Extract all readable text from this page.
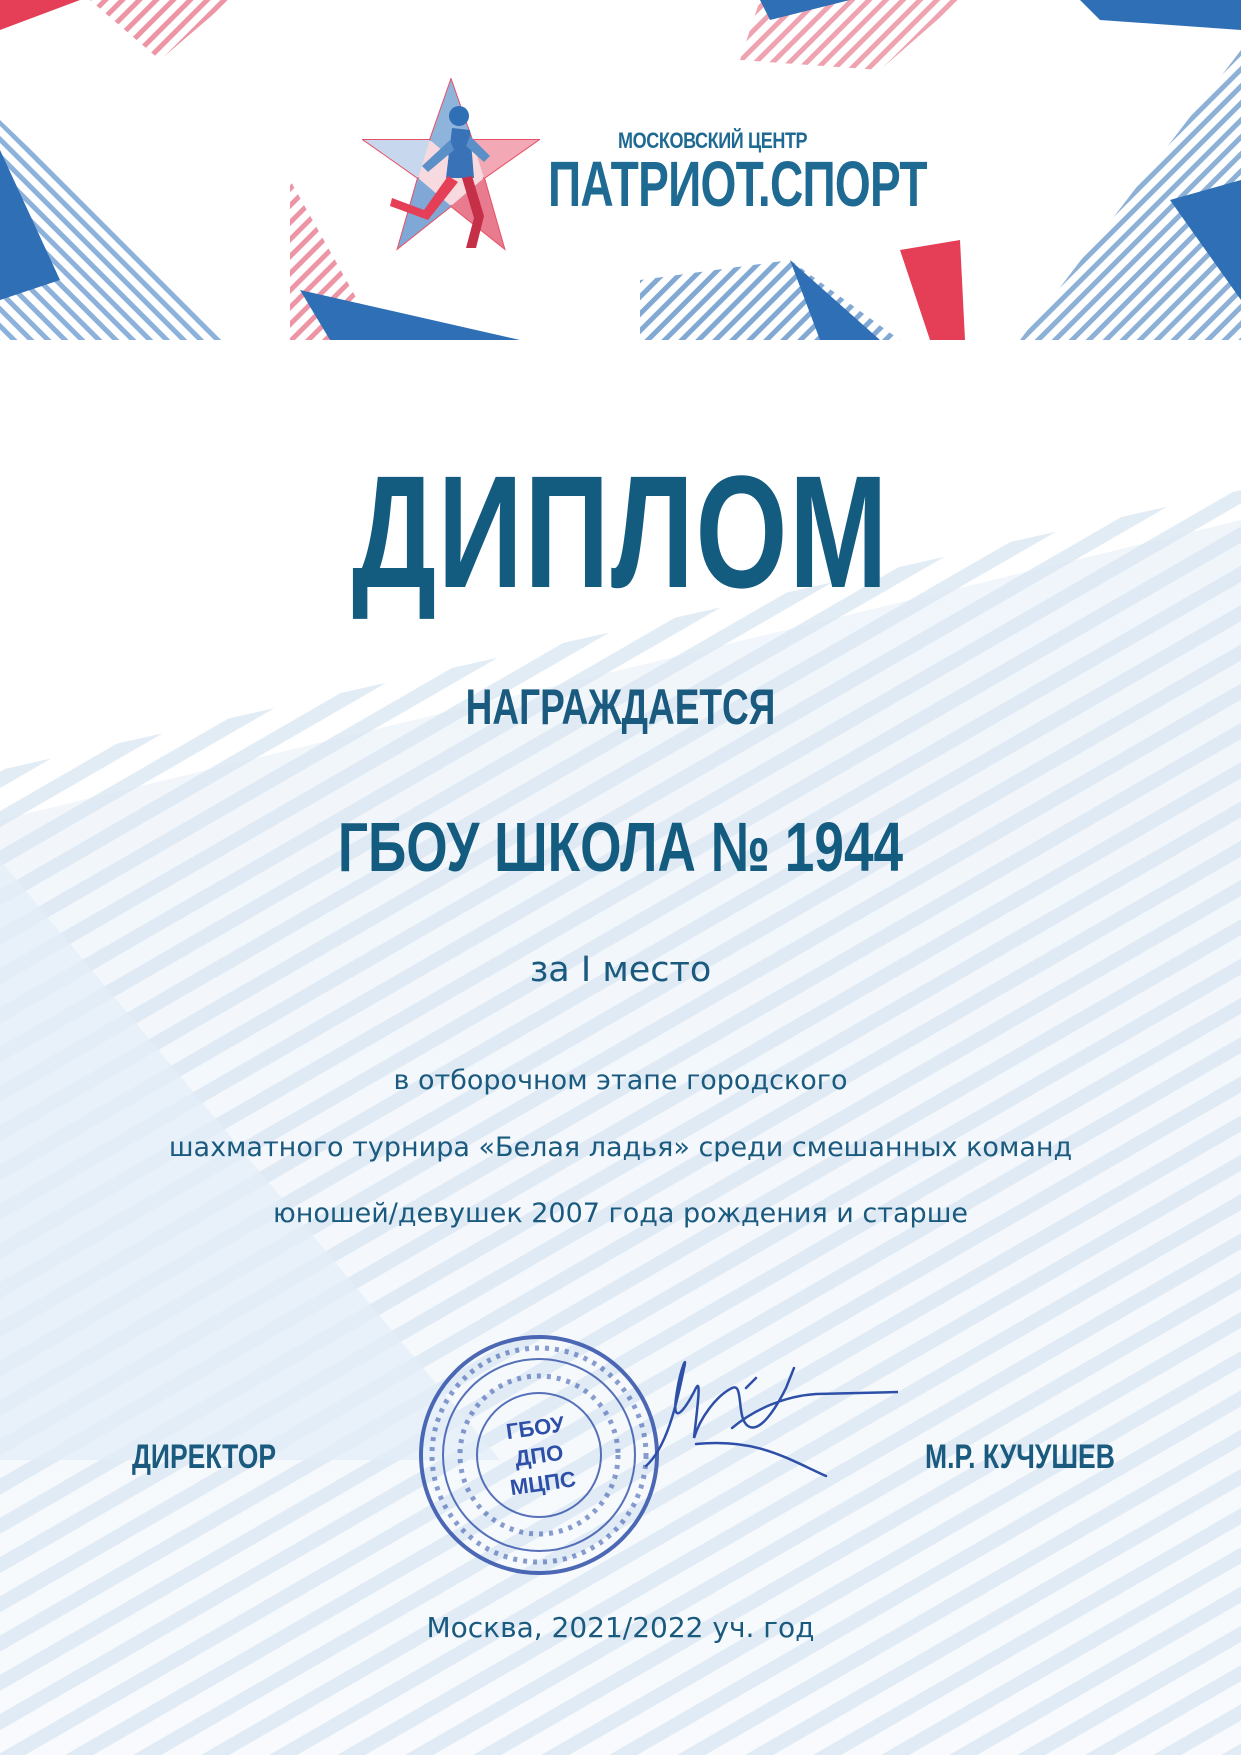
МОСКОВСКИЙ ЦЕНТР
ПАТРИОТ.СПОРТ
ДИПЛОМ
НАГРАЖДАЕТСЯ
ГБОУ ШКОЛА № 1944
за I место
в отборочном этапе городского
шахматного турнира «Белая ладья» среди смешанных команд
юношей/девушек 2007 года рождения и старше
ДИРЕКТОР	М.Р. КУЧУШЕВ
ГБОУ
ДПО
МЦПС
Москва, 2021/2022 уч. год
